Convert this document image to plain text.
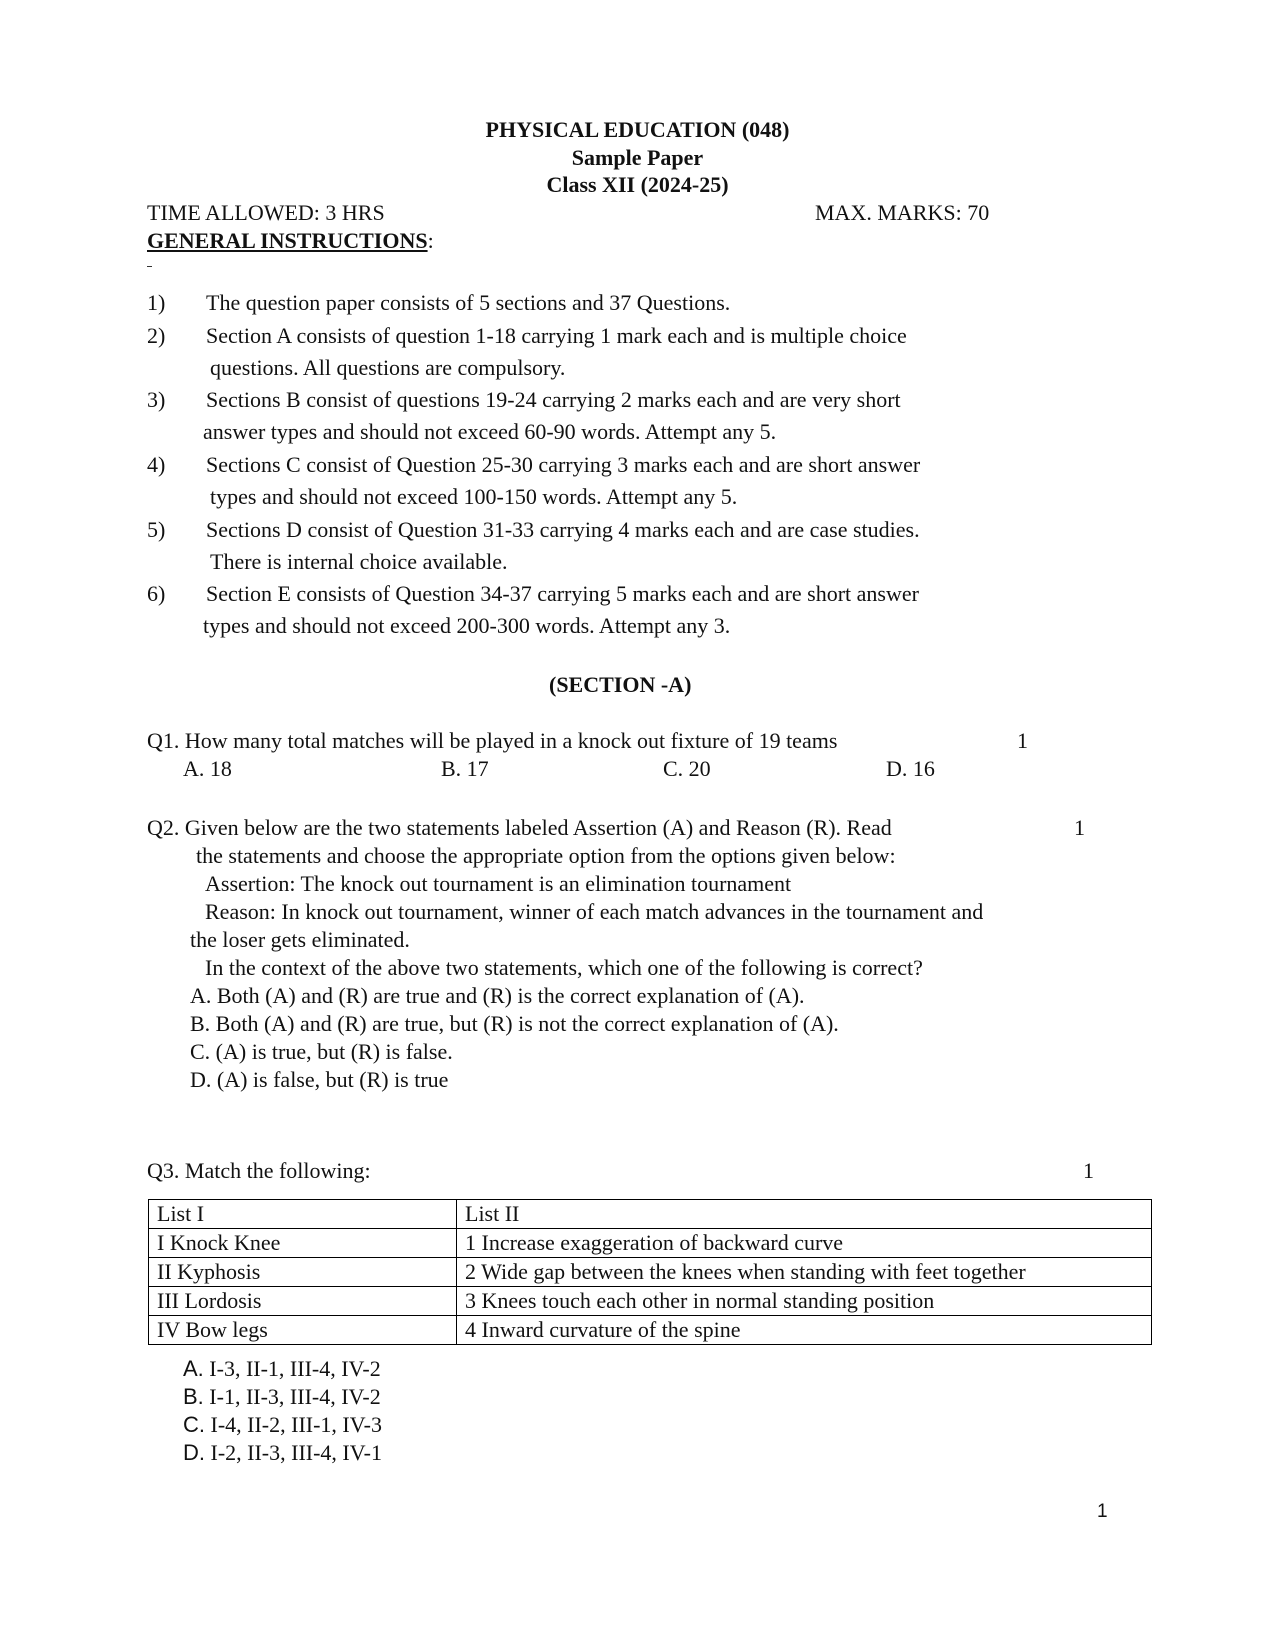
PHYSICAL EDUCATION (048)
Sample Paper
Class XII (2024-25)
TIME ALLOWED: 3 HRS	MAX. MARKS: 70
GENERAL INSTRUCTIONS:
1) The question paper consists of 5 sections and 37 Questions.
2) Section A consists of question 1-18 carrying 1 mark each and is multiple choice
questions. All questions are compulsory.
3) Sections B consist of questions 19-24 carrying 2 marks each and are very short
answer types and should not exceed 60-90 words. Attempt any 5.
4) Sections C consist of Question 25-30 carrying 3 marks each and are short answer
types and should not exceed 100-150 words. Attempt any 5.
5) Sections D consist of Question 31-33 carrying 4 marks each and are case studies.
There is internal choice available.
6) Section E consists of Question 34-37 carrying 5 marks each and are short answer
types and should not exceed 200-300 words. Attempt any 3.
(SECTION -A)
Q1. How many total matches will be played in a knock out fixture of 19 teams	1
A. 18	B. 17	C. 20	D. 16
Q2. Given below are the two statements labeled Assertion (A) and Reason (R). Read	1
the statements and choose the appropriate option from the options given below:
Assertion: The knock out tournament is an elimination tournament
Reason: In knock out tournament, winner of each match advances in the tournament and
the loser gets eliminated.
In the context of the above two statements, which one of the following is correct?
A. Both (A) and (R) are true and (R) is the correct explanation of (A).
B. Both (A) and (R) are true, but (R) is not the correct explanation of (A).
C. (A) is true, but (R) is false.
D. (A) is false, but (R) is true
Q3. Match the following:	1
List I	List II
I Knock Knee	1 Increase exaggeration of backward curve
II Kyphosis	2 Wide gap between the knees when standing with feet together
III Lordosis	3 Knees touch each other in normal standing position
IV Bow legs	4 Inward curvature of the spine
A. I-3, II-1, III-4, IV-2
B. I-1, II-3, III-4, IV-2
C. I-4, II-2, III-1, IV-3
D. I-2, II-3, III-4, IV-1
1
